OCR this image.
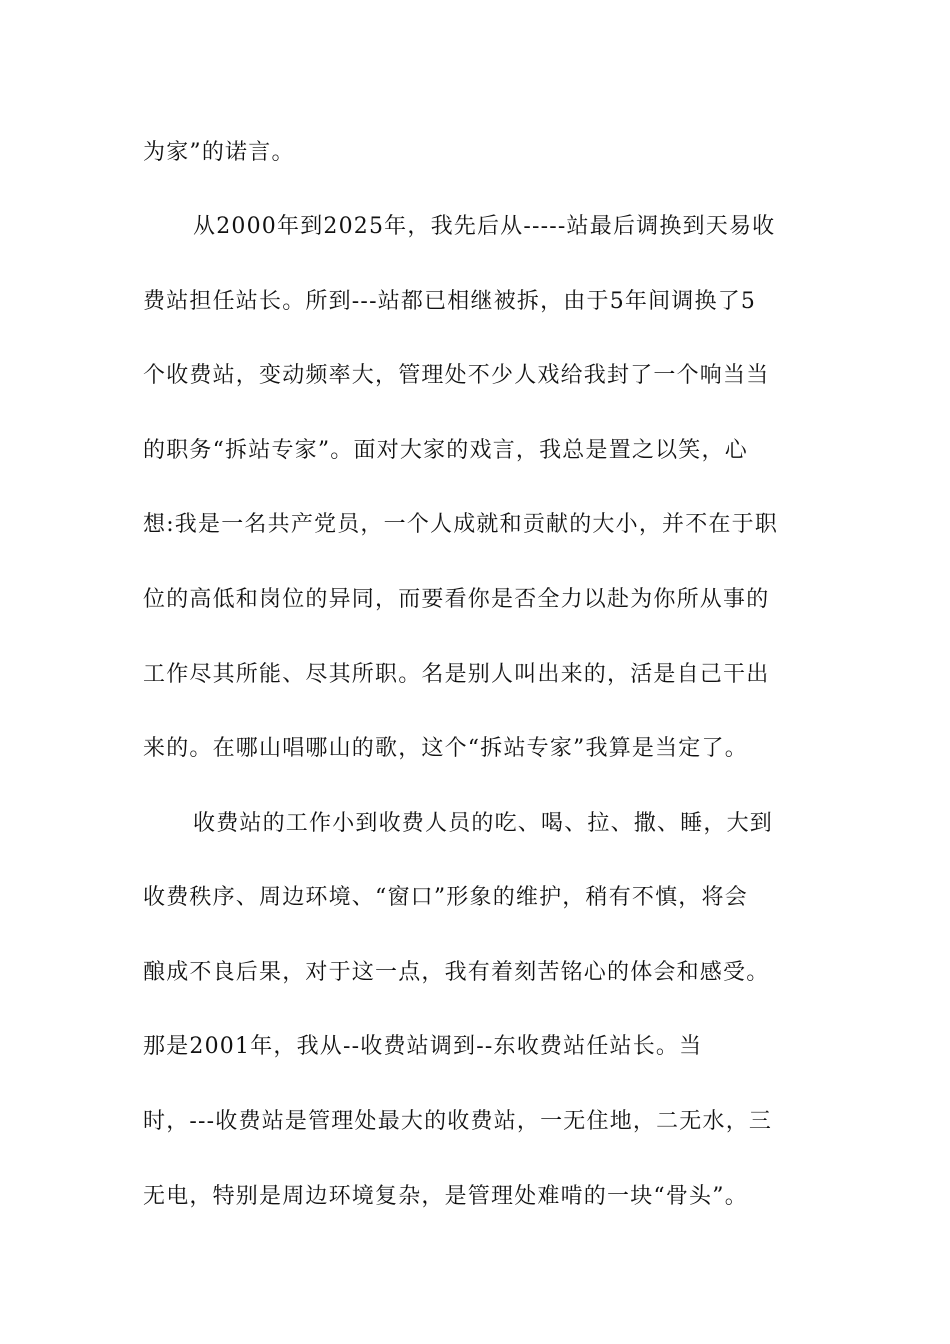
为家”的诺言。
从2000年到2025年，我先后从-----站最后调换到天易收
费站担任站长。所到---站都已相继被拆，由于5年间调换了5
个收费站，变动频率大，管理处不少人戏给我封了一个响当当
的职务“拆站专家”。面对大家的戏言，我总是置之以笑，心
想:我是一名共产党员，一个人成就和贡献的大小，并不在于职
位的高低和岗位的异同，而要看你是否全力以赴为你所从事的
工作尽其所能、尽其所职。名是别人叫出来的，活是自己干出
来的。在哪山唱哪山的歌，这个“拆站专家”我算是当定了。
收费站的工作小到收费人员的吃、喝、拉、撒、睡，大到
收费秩序、周边环境、“窗口”形象的维护，稍有不慎，将会
酿成不良后果，对于这一点，我有着刻苦铭心的体会和感受。
那是2001年，我从--收费站调到--东收费站任站长。当
时，---收费站是管理处最大的收费站，一无住地，二无水，三
无电，特别是周边环境复杂，是管理处难啃的一块“骨头”。
